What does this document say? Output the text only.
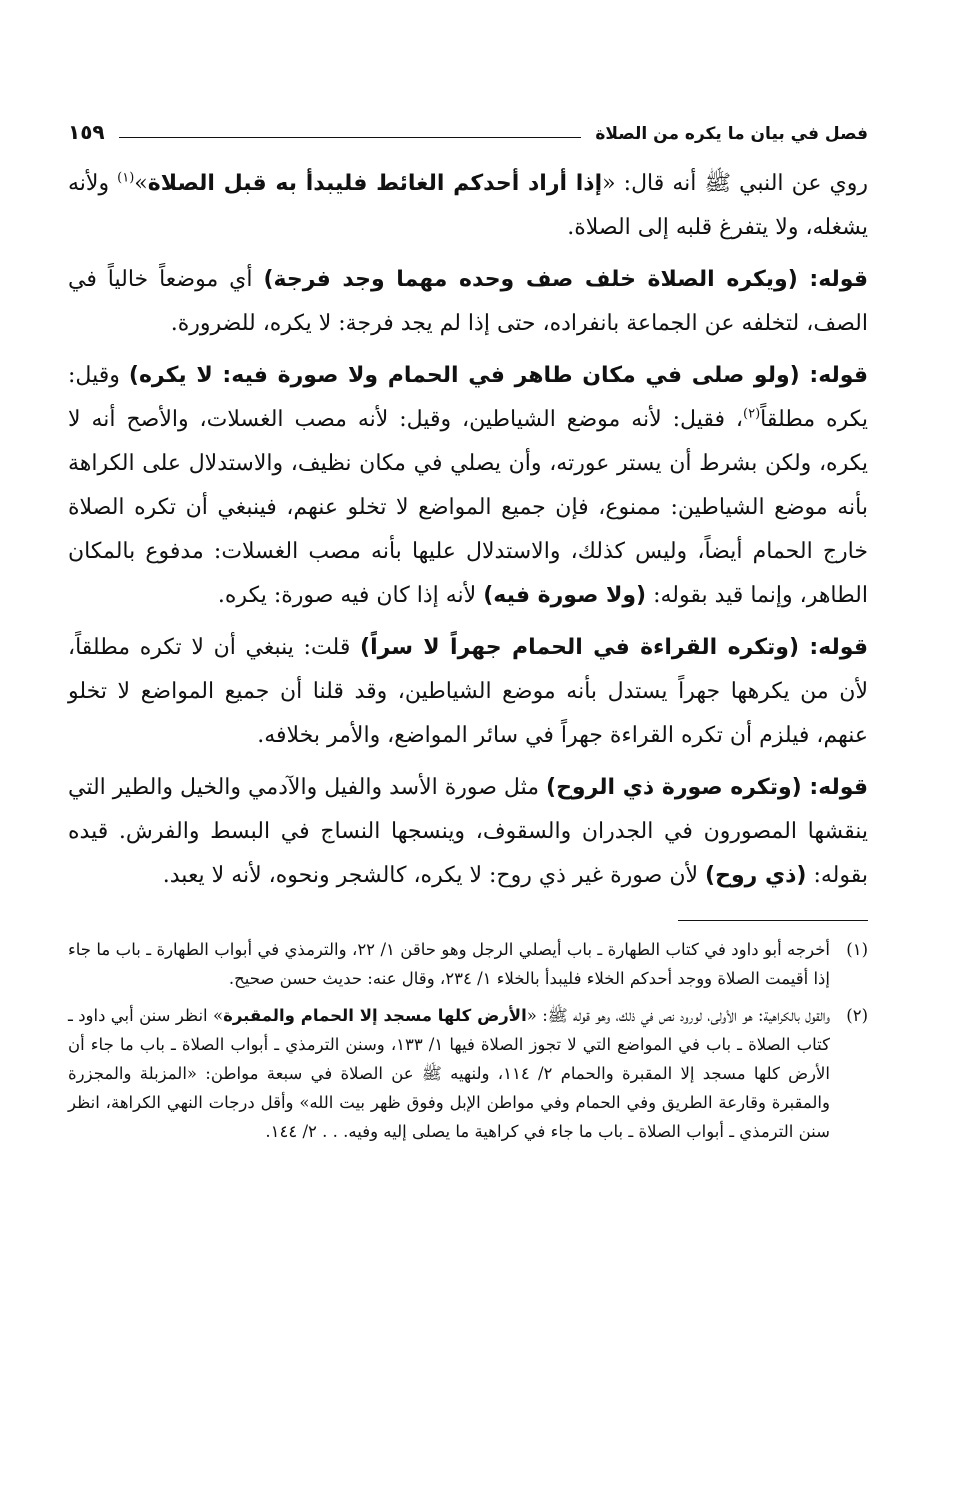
فصل في بيان ما يكره من الصلاة
١٥٩

روي عن النبي ﷺ أنه قال: «إذا أراد أحدكم الغائط فليبدأ به قبل الصلاة»$^{(١)}$ ولأنه يشغله، ولا يتفرغ قلبه إلى الصلاة.

قوله: (ويكره الصلاة خلف صف وحده مهما وجد فرجة) أي موضعاً خالياً في الصف، لتخلفه عن الجماعة بانفراده، حتى إذا لم يجد فرجة: لا يكره، للضرورة.

قوله: (ولو صلى في مكان طاهر في الحمام ولا صورة فيه: لا يكره) وقيل: يكره مطلقاً$^{(٢)}$، فقيل: لأنه موضع الشياطين، وقيل: لأنه مصب الغسلات، والأصح أنه لا يكره، ولكن بشرط أن يستر عورته، وأن يصلي في مكان نظيف، والاستدلال على الكراهة بأنه موضع الشياطين: ممنوع، فإن جميع المواضع لا تخلو عنهم، فينبغي أن تكره الصلاة خارج الحمام أيضاً، وليس كذلك، والاستدلال عليها بأنه مصب الغسلات: مدفوع بالمكان الطاهر، وإنما قيد بقوله: (ولا صورة فيه) لأنه إذا كان فيه صورة: يكره.

قوله: (وتكره القراءة في الحمام جهراً لا سراً) قلت: ينبغي أن لا تكره مطلقاً، لأن من يكرهها جهراً يستدل بأنه موضع الشياطين، وقد قلنا أن جميع المواضع لا تخلو عنهم، فيلزم أن تكره القراءة جهراً في سائر المواضع، والأمر بخلافه.

قوله: (وتكره صورة ذي الروح) مثل صورة الأسد والفيل والآدمي والخيل والطير التي ينقشها المصورون في الجدران والسقوف، وينسجها النساج في البسط والفرش. قيده بقوله: (ذي روح) لأن صورة غير ذي روح: لا يكره، كالشجر ونحوه، لأنه لا يعبد.

(١)
أخرجه أبو داود في كتاب الطهارة ـ باب أيصلي الرجل وهو حاقن ١/ ٢٢، والترمذي في أبواب الطهارة ـ باب ما جاء إذا أقيمت الصلاة ووجد أحدكم الخلاء فليبدأ بالخلاء ١/ ٢٣٤، وقال عنه: حديث حسن صحيح.
(٢)
والقول بالكراهية: هو الأولى، لورود نص في ذلك، وهو قوله ﷺ: «الأرض كلها مسجد إلا الحمام والمقبرة» انظر سنن أبي داود ـ كتاب الصلاة ـ باب في المواضع التي لا تجوز الصلاة فيها ١/ ١٣٣، وسنن الترمذي ـ أبواب الصلاة ـ باب ما جاء أن الأرض كلها مسجد إلا المقبرة والحمام ٢/ ١١٤، ولنهيه ﷺ عن الصلاة في سبعة مواطن: «المزبلة والمجزرة والمقبرة وقارعة الطريق وفي الحمام وفي مواطن الإبل وفوق ظهر بيت الله» وأقل درجات النهي الكراهة، انظر سنن الترمذي ـ أبواب الصلاة ـ باب ما جاء في كراهية ما يصلى إليه وفيه. . . ٢/ ١٤٤.
